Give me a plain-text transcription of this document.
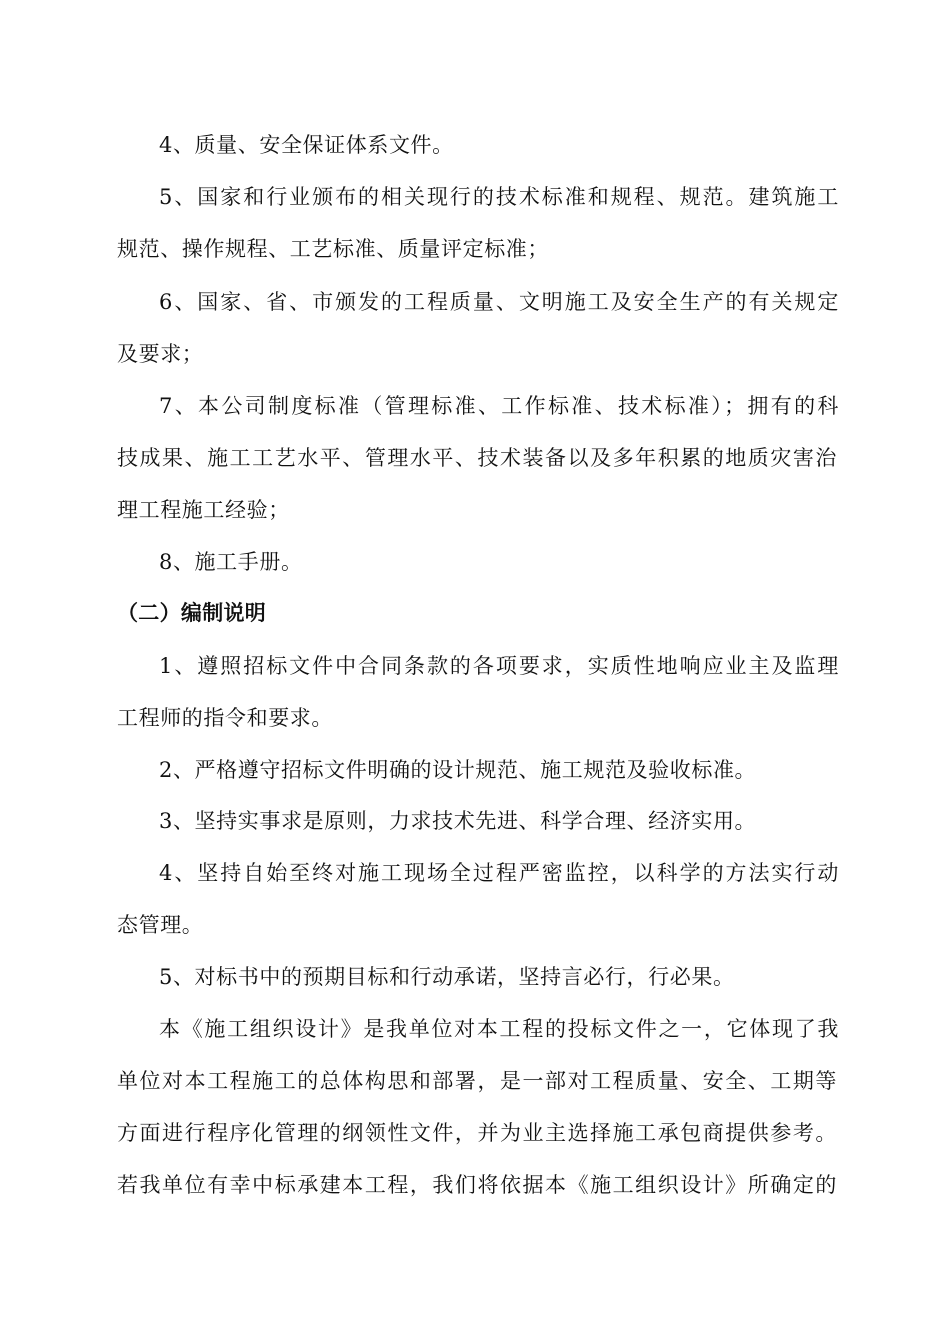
4、质量、安全保证体系文件。
5、国家和行业颁布的相关现行的技术标准和规程、规范。建筑施工
规范、操作规程、工艺标准、质量评定标准；
6、国家、省、市颁发的工程质量、文明施工及安全生产的有关规定
及要求；
7、本公司制度标准（管理标准、工作标准、技术标准）；拥有的科
技成果、施工工艺水平、管理水平、技术装备以及多年积累的地质灾害治
理工程施工经验；
8、施工手册。
（二）编制说明
1、遵照招标文件中合同条款的各项要求，实质性地响应业主及监理
工程师的指令和要求。
2、严格遵守招标文件明确的设计规范、施工规范及验收标准。
3、坚持实事求是原则，力求技术先进、科学合理、经济实用。
4、坚持自始至终对施工现场全过程严密监控，以科学的方法实行动
态管理。
5、对标书中的预期目标和行动承诺，坚持言必行，行必果。
本《施工组织设计》是我单位对本工程的投标文件之一，它体现了我
单位对本工程施工的总体构思和部署，是一部对工程质量、安全、工期等
方面进行程序化管理的纲领性文件，并为业主选择施工承包商提供参考。
若我单位有幸中标承建本工程，我们将依据本《施工组织设计》所确定的
